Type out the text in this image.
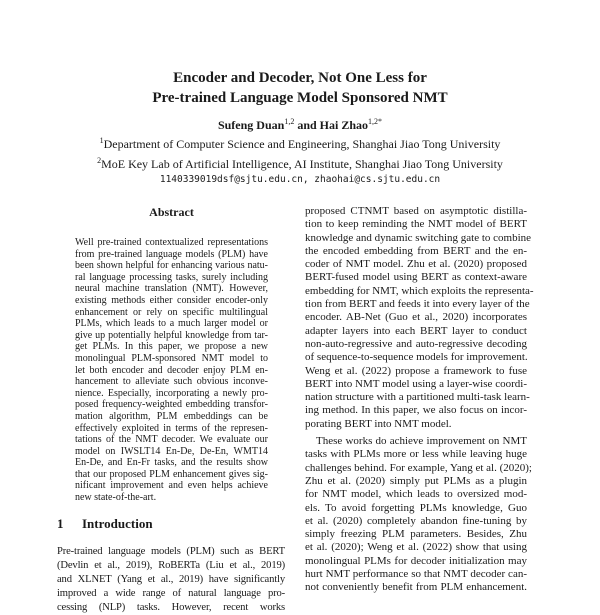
Encoder and Decoder, Not One Less for
Pre-trained Language Model Sponsored NMT
Sufeng Duan$^{1,2}$ and Hai Zhao$^{1,2*}$
$^1$Department of Computer Science and Engineering, Shanghai Jiao Tong University
$^2$MoE Key Lab of Artificial Intelligence, AI Institute, Shanghai Jiao Tong University
1140339019dsf@sjtu.edu.cn, zhaohai@cs.sjtu.edu.cn
Abstract
Well pre-trained contextualized representations
from pre-trained language models (PLM) have
been shown helpful for enhancing various natu-
ral language processing tasks, surely including
neural machine translation (NMT). However,
existing methods either consider encoder-only
enhancement or rely on specific multilingual
PLMs, which leads to a much larger model or
give up potentially helpful knowledge from tar-
get PLMs. In this paper, we propose a new
monolingual PLM-sponsored NMT model to
let both encoder and decoder enjoy PLM en-
hancement to alleviate such obvious inconve-
nience. Especially, incorporating a newly pro-
posed frequency-weighted embedding transfor-
mation algorithm, PLM embeddings can be
effectively exploited in terms of the represen-
tations of the NMT decoder. We evaluate our
model on IWSLT14 En-De, De-En, WMT14
En-De, and En-Fr tasks, and the results show
that our proposed PLM enhancement gives sig-
nificant improvement and even helps achieve
new state-of-the-art.
1 Introduction
Pre-trained language models (PLM) such as BERT
(Devlin et al., 2019), RoBERTa (Liu et al., 2019)
and XLNET (Yang et al., 2019) have significantly
improved a wide range of natural language pro-
cessing (NLP) tasks. However, recent works
proposed CTNMT based on asymptotic distilla-
tion to keep reminding the NMT model of BERT
knowledge and dynamic switching gate to combine
the encoded embedding from BERT and the en-
coder of NMT model. Zhu et al. (2020) proposed
BERT-fused model using BERT as context-aware
embedding for NMT, which exploits the representa-
tion from BERT and feeds it into every layer of the
encoder. AB-Net (Guo et al., 2020) incorporates
adapter layers into each BERT layer to conduct
non-auto-regressive and auto-regressive decoding
of sequence-to-sequence models for improvement.
Weng et al. (2022) propose a framework to fuse
BERT into NMT model using a layer-wise coordi-
nation structure with a partitioned multi-task learn-
ing method. In this paper, we also focus on incor-
porating BERT into NMT model.
These works do achieve improvement on NMT
tasks with PLMs more or less while leaving huge
challenges behind. For example, Yang et al. (2020);
Zhu et al. (2020) simply put PLMs as a plugin
for NMT model, which leads to oversized mod-
els. To avoid forgetting PLMs knowledge, Guo
et al. (2020) completely abandon fine-tuning by
simply freezing PLM parameters. Besides, Zhu
et al. (2020); Weng et al. (2022) show that using
monolingual PLMs for decoder initialization may
hurt NMT performance so that NMT decoder can-
not conveniently benefit from PLM enhancement.
